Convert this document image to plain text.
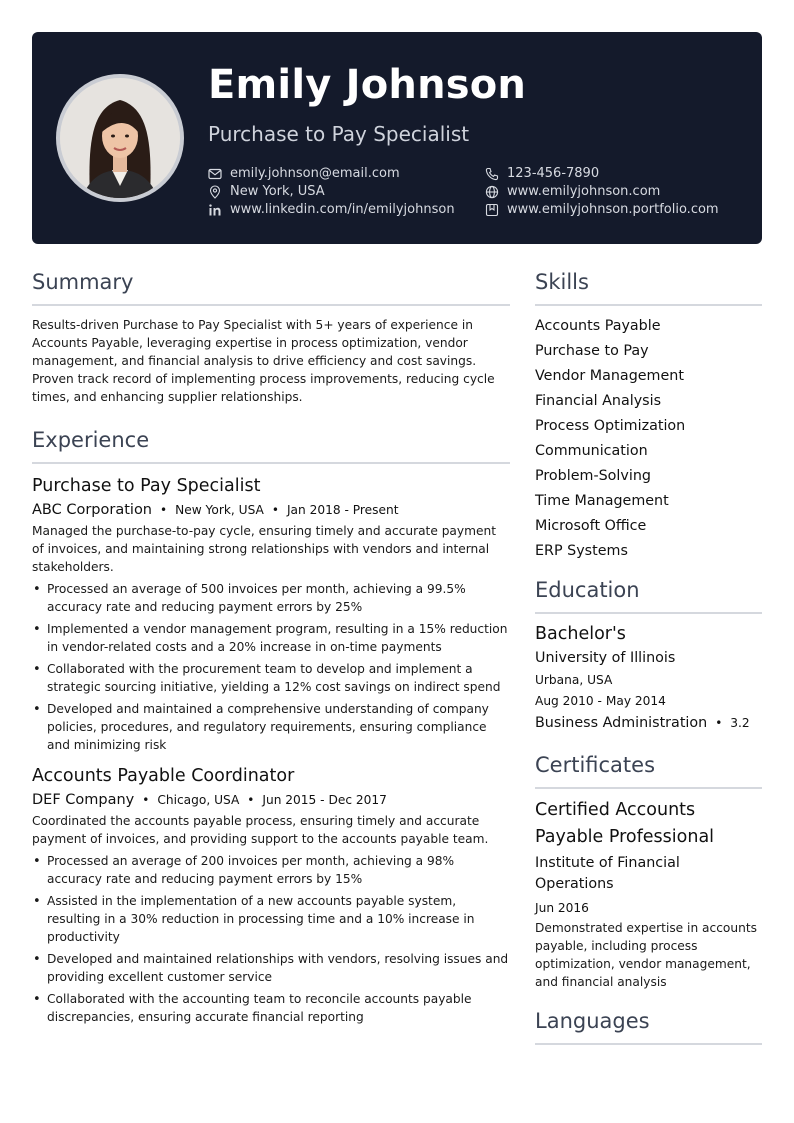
Emily Johnson
Purchase to Pay Specialist
emily.johnson@email.com	123-456-7890
New York, USA	www.emilyjohnson.com
www.linkedin.com/in/emilyjohnson	www.emilyjohnson.portfolio.com
Summary

Results-driven Purchase to Pay Specialist with 5+ years of experience in Accounts Payable, leveraging expertise in process optimization, vendor management, and financial analysis to drive efficiency and cost savings. Proven track record of implementing process improvements, reducing cycle times, and enhancing supplier relationships.

Experience
Purchase to Pay Specialist
ABC Corporation • New York, USA • Jan 2018 - Present

Managed the purchase-to-pay cycle, ensuring timely and accurate payment of invoices, and maintaining strong relationships with vendors and internal stakeholders.

• Processed an average of 500 invoices per month, achieving a 99.5% accuracy rate and reducing payment errors by 25%
• Implemented a vendor management program, resulting in a 15% reduction in vendor-related costs and a 20% increase in on-time payments
• Collaborated with the procurement team to develop and implement a strategic sourcing initiative, yielding a 12% cost savings on indirect spend
• Developed and maintained a comprehensive understanding of company policies, procedures, and regulatory requirements, ensuring compliance and minimizing risk
Accounts Payable Coordinator
DEF Company • Chicago, USA • Jun 2015 - Dec 2017

Coordinated the accounts payable process, ensuring timely and accurate payment of invoices, and providing support to the accounts payable team.

• Processed an average of 200 invoices per month, achieving a 98% accuracy rate and reducing payment errors by 15%
• Assisted in the implementation of a new accounts payable system, resulting in a 30% reduction in processing time and a 10% increase in productivity
• Developed and maintained relationships with vendors, resolving issues and providing excellent customer service
• Collaborated with the accounting team to reconcile accounts payable discrepancies, ensuring accurate financial reporting
Skills
Accounts Payable
Purchase to Pay
Vendor Management
Financial Analysis
Process Optimization
Communication
Problem-Solving
Time Management
Microsoft Office
ERP Systems
Education
Bachelor's
University of Illinois
Urbana, USA
Aug 2010 - May 2014
Business Administration • 3.2
Certificates
Certified Accounts Payable Professional
Institute of Financial Operations
Jun 2016

Demonstrated expertise in accounts payable, including process optimization, vendor management, and financial analysis

Languages
